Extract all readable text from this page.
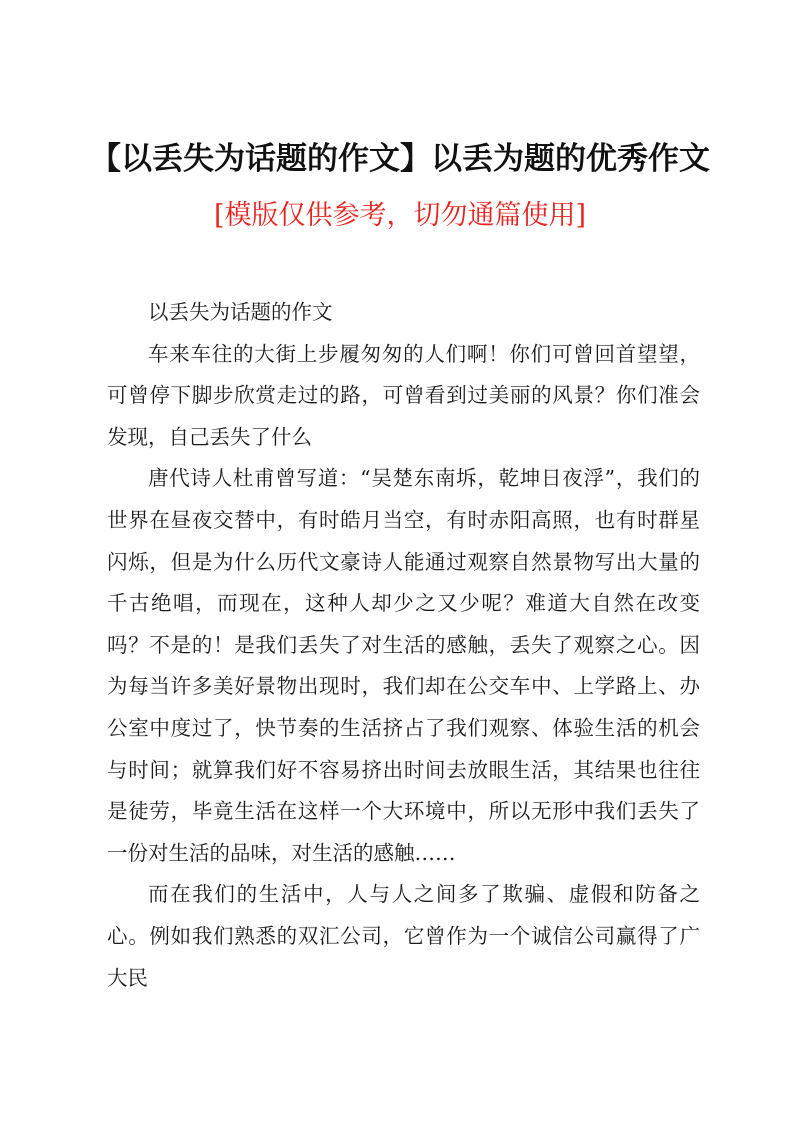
【以丢失为话题的作文】以丢为题的优秀作文
[模版仅供参考，切勿通篇使用]

以丢失为话题的作文

车来车往的大街上步履匆匆的人们啊！你们可曾回首望望，可曾停下脚步欣赏走过的路，可曾看到过美丽的风景？你们准会发现，自己丢失了什么

唐代诗人杜甫曾写道：“吴楚东南坼，乾坤日夜浮”，我们的世界在昼夜交替中，有时皓月当空，有时赤阳高照，也有时群星闪烁，但是为什么历代文豪诗人能通过观察自然景物写出大量的千古绝唱，而现在，这种人却少之又少呢？难道大自然在改变吗？不是的！是我们丢失了对生活的感触，丢失了观察之心。因为每当许多美好景物出现时，我们却在公交车中、上学路上、办公室中度过了，快节奏的生活挤占了我们观察、体验生活的机会与时间；就算我们好不容易挤出时间去放眼生活，其结果也往往是徒劳，毕竟生活在这样一个大环境中，所以无形中我们丢失了一份对生活的品味，对生活的感触……

而在我们的生活中，人与人之间多了欺骗、虚假和防备之心。例如我们熟悉的双汇公司，它曾作为一个诚信公司赢得了广大民
